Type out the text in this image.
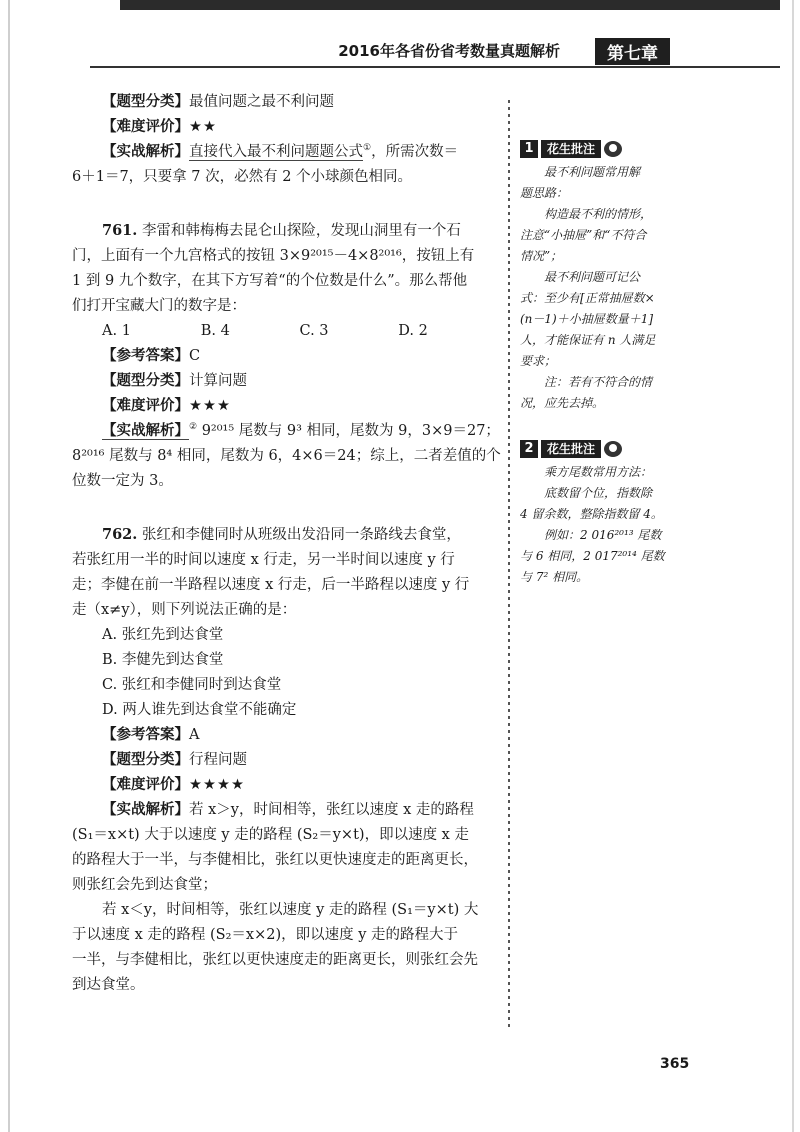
2016年各省份省考数量真题解析	第七章
【题型分类】最值问题之最不利问题
【难度评价】★★
【实战解析】直接代入最不利问题题公式①，所需次数＝
6＋1＝7，只要拿 7 次，必然有 2 个小球颜色相同。
761. 李雷和韩梅梅去昆仑山探险，发现山洞里有一个石
门，上面有一个九宫格式的按钮 3×9²⁰¹⁵－4×8²⁰¹⁶，按钮上有
1 到 9 九个数字，在其下方写着“的个位数是什么”。那么帮他
们打开宝藏大门的数字是：
A. 1	B. 4	C. 3	D. 2
【参考答案】C
【题型分类】计算问题
【难度评价】★★★
【实战解析】② 9²⁰¹⁵ 尾数与 9³ 相同，尾数为 9，3×9＝27；
8²⁰¹⁶ 尾数与 8⁴ 相同，尾数为 6，4×6＝24；综上，二者差值的个
位数一定为 3。
762. 张红和李健同时从班级出发沿同一条路线去食堂，
若张红用一半的时间以速度 x 行走，另一半时间以速度 y 行
走；李健在前一半路程以速度 x 行走，后一半路程以速度 y 行
走（x≠y），则下列说法正确的是：
A. 张红先到达食堂
B. 李健先到达食堂
C. 张红和李健同时到达食堂
D. 两人谁先到达食堂不能确定
【参考答案】A
【题型分类】行程问题
【难度评价】★★★★
【实战解析】若 x＞y，时间相等，张红以速度 x 走的路程
(S₁＝x×t) 大于以速度 y 走的路程 (S₂＝y×t)，即以速度 x 走
的路程大于一半，与李健相比，张红以更快速度走的距离更长，
则张红会先到达食堂；
若 x＜y，时间相等，张红以速度 y 走的路程 (S₁＝y×t) 大
于以速度 x 走的路程 (S₂＝x×2)，即以速度 y 走的路程大于
一半，与李健相比，张红以更快速度走的距离更长，则张红会先
到达食堂。
1	花生批注

最不利问题常用解

题思路：

构造最不利的情形，

注意“小抽屉”和“不符合

情况”；

最不利问题可记公

式：至少有[正常抽屉数×

(n－1)＋小抽屉数量＋1]

人，才能保证有 n 人满足

要求；

注：若有不符合的情

况，应先去掉。

2	花生批注

乘方尾数常用方法：

底数留个位，指数除

4 留余数，整除指数留 4。

例如：2 016²⁰¹³ 尾数

与 6 相同，2 017²⁰¹⁴ 尾数

与 7² 相同。

365
